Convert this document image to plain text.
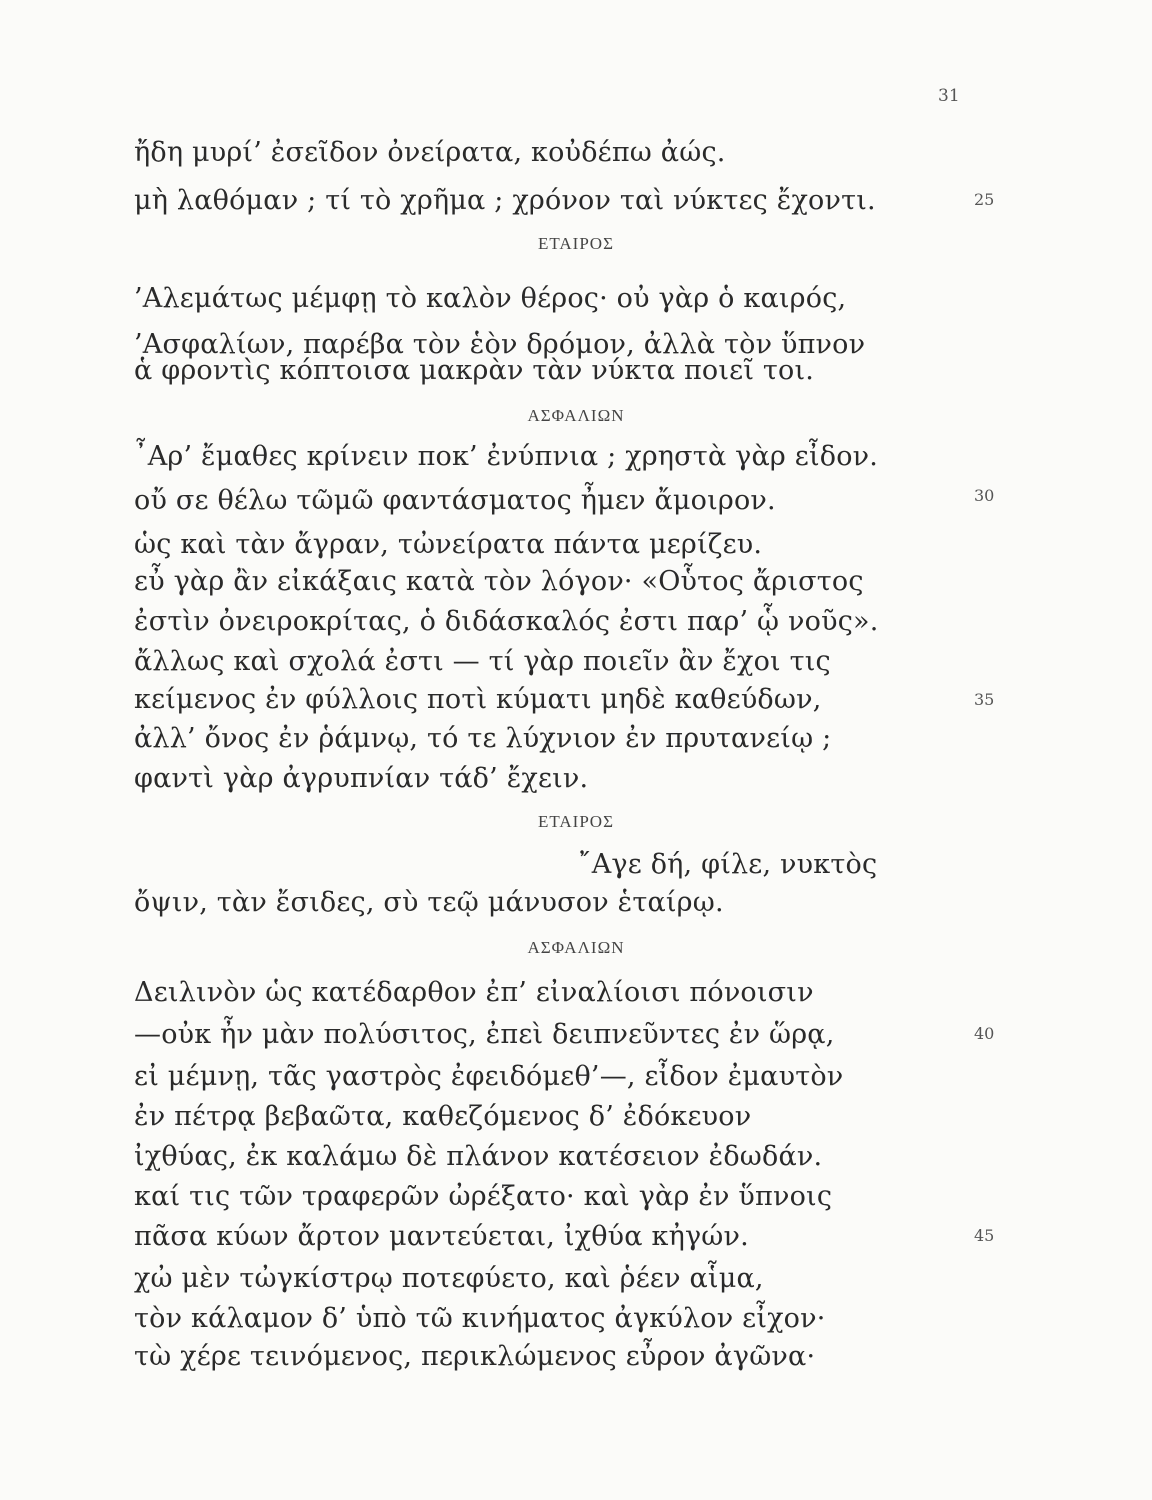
31
ἤδη μυρί’ ἐσεῖδον ὀνείρατα, κοὐδέπω ἀώς.
μὴ λαθόμαν ; τί τὸ χρῆμα ; χρόνον ταὶ νύκτες ἔχοντι.
ΕΤΑΙΡΟΣ
’Αλεμάτως μέμφῃ τὸ καλὸν θέρος· οὐ γὰρ ὁ καιρός,
’Ασφαλίων, παρέβα τὸν ἑὸν δρόμον, ἀλλὰ τὸν ὕπνον
ἁ φροντὶς κόπτοισα μακρὰν τὰν νύκτα ποιεῖ τοι.
ΑΣΦΑΛΙΩΝ
῏Αρ’ ἔμαθες κρίνειν ποκ’ ἐνύπνια ; χρηστὰ γὰρ εἶδον.
οὔ σε θέλω τῶμῶ φαντάσματος ἦμεν ἄμοιρον.
ὡς καὶ τὰν ἄγραν, τὠνείρατα πάντα μερίζευ.
εὖ γὰρ ἂν εἰκάξαις κατὰ τὸν λόγον· «Οὗτος ἄριστος
ἐστὶν ὀνειροκρίτας, ὁ διδάσκαλός ἐστι παρ’ ᾧ νοῦς».
ἄλλως καὶ σχολά ἐστι — τί γὰρ ποιεῖν ἂν ἔχοι τις
κείμενος ἐν φύλλοις ποτὶ κύματι μηδὲ καθεύδων,
ἀλλ’ ὄνος ἐν ῥάμνῳ, τό τε λύχνιον ἐν πρυτανείῳ ;
φαντὶ γὰρ ἀγρυπνίαν τάδ’ ἔχειν.
ΕΤΑΙΡΟΣ
῎Αγε δή, φίλε, νυκτὸς
ὄψιν, τὰν ἔσιδες, σὺ τεῷ μάνυσον ἑταίρῳ.
ΑΣΦΑΛΙΩΝ
Δειλινὸν ὡς κατέδαρθον ἐπ’ εἰναλίοισι πόνοισιν
—οὐκ ἦν μὰν πολύσιτος, ἐπεὶ δειπνεῦντες ἐν ὥρᾳ,
εἰ μέμνῃ, τᾶς γαστρὸς ἐφειδόμεθ’—, εἶδον ἐμαυτὸν
ἐν πέτρᾳ βεβαῶτα, καθεζόμενος δ’ ἐδόκευον
ἰχθύας, ἐκ καλάμω δὲ πλάνον κατέσειον ἐδωδάν.
καί τις τῶν τραφερῶν ὠρέξατο· καὶ γὰρ ἐν ὕπνοις
πᾶσα κύων ἄρτον μαντεύεται, ἰχθύα κἠγών.
χὠ μὲν τὠγκίστρῳ ποτεφύετο, καὶ ῥέεν αἷμα,
τὸν κάλαμον δ’ ὑπὸ τῶ κινήματος ἀγκύλον εἶχον·
τὼ χέρε τεινόμενος, περικλώμενος εὖρον ἀγῶνα·
25
30
35
40
45
